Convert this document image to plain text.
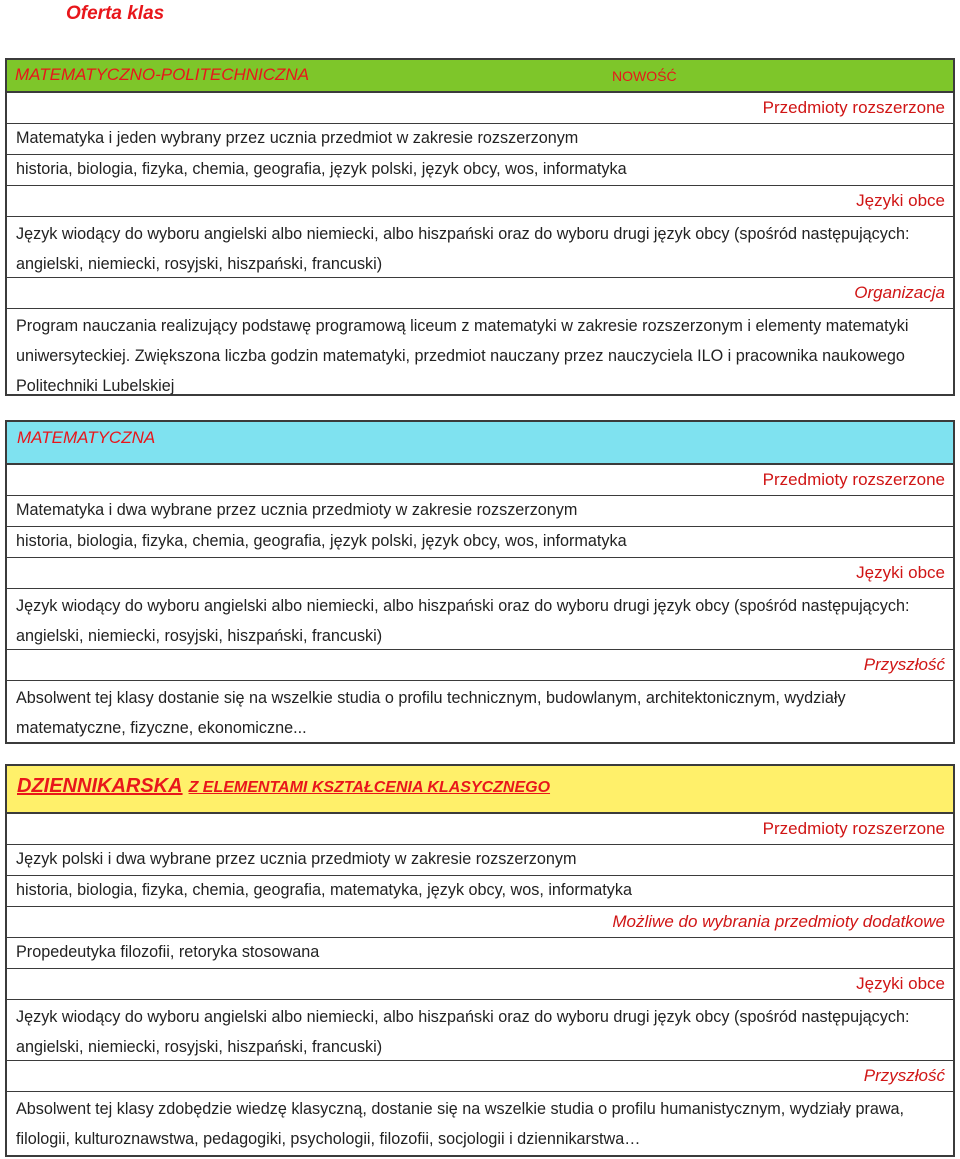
Oferta klas
MATEMATYCZNO-POLITECHNICZNA	NOWOŚĆ
Przedmioty rozszerzone
Matematyka i jeden wybrany przez ucznia przedmiot w zakresie rozszerzonym
historia, biologia, fizyka, chemia, geografia, język polski, język obcy, wos, informatyka
Języki obce
Język wiodący do wyboru angielski albo niemiecki, albo hiszpański oraz do wyboru drugi język obcy (spośród następujących: angielski, niemiecki, rosyjski, hiszpański, francuski)
Organizacja
Program nauczania realizujący podstawę programową liceum z matematyki w zakresie rozszerzonym i elementy matematyki uniwersyteckiej. Zwiększona liczba godzin matematyki, przedmiot nauczany przez nauczyciela ILO i pracownika naukowego Politechniki Lubelskiej
MATEMATYCZNA
Przedmioty rozszerzone
Matematyka i dwa wybrane przez ucznia przedmioty w zakresie rozszerzonym
historia, biologia, fizyka, chemia, geografia, język polski, język obcy, wos, informatyka
Języki obce
Język wiodący do wyboru angielski albo niemiecki, albo hiszpański oraz do wyboru drugi język obcy (spośród następujących: angielski, niemiecki, rosyjski, hiszpański, francuski)
Przyszłość
Absolwent tej klasy dostanie się na wszelkie studia o profilu technicznym, budowlanym, architektonicznym, wydziały matematyczne, fizyczne, ekonomiczne...
DZIENNIKARSKA Z ELEMENTAMI KSZTAŁCENIA KLASYCZNEGO
Przedmioty rozszerzone
Język polski i dwa wybrane przez ucznia przedmioty w zakresie rozszerzonym
historia, biologia, fizyka, chemia, geografia, matematyka, język obcy, wos, informatyka
Możliwe do wybrania przedmioty dodatkowe
Propedeutyka filozofii, retoryka stosowana
Języki obce
Język wiodący do wyboru angielski albo niemiecki, albo hiszpański oraz do wyboru drugi język obcy (spośród następujących: angielski, niemiecki, rosyjski, hiszpański, francuski)
Przyszłość
Absolwent tej klasy zdobędzie wiedzę klasyczną, dostanie się na wszelkie studia o profilu humanistycznym, wydziały prawa, filologii, kulturoznawstwa, pedagogiki, psychologii, filozofii, socjologii i dziennikarstwa…
